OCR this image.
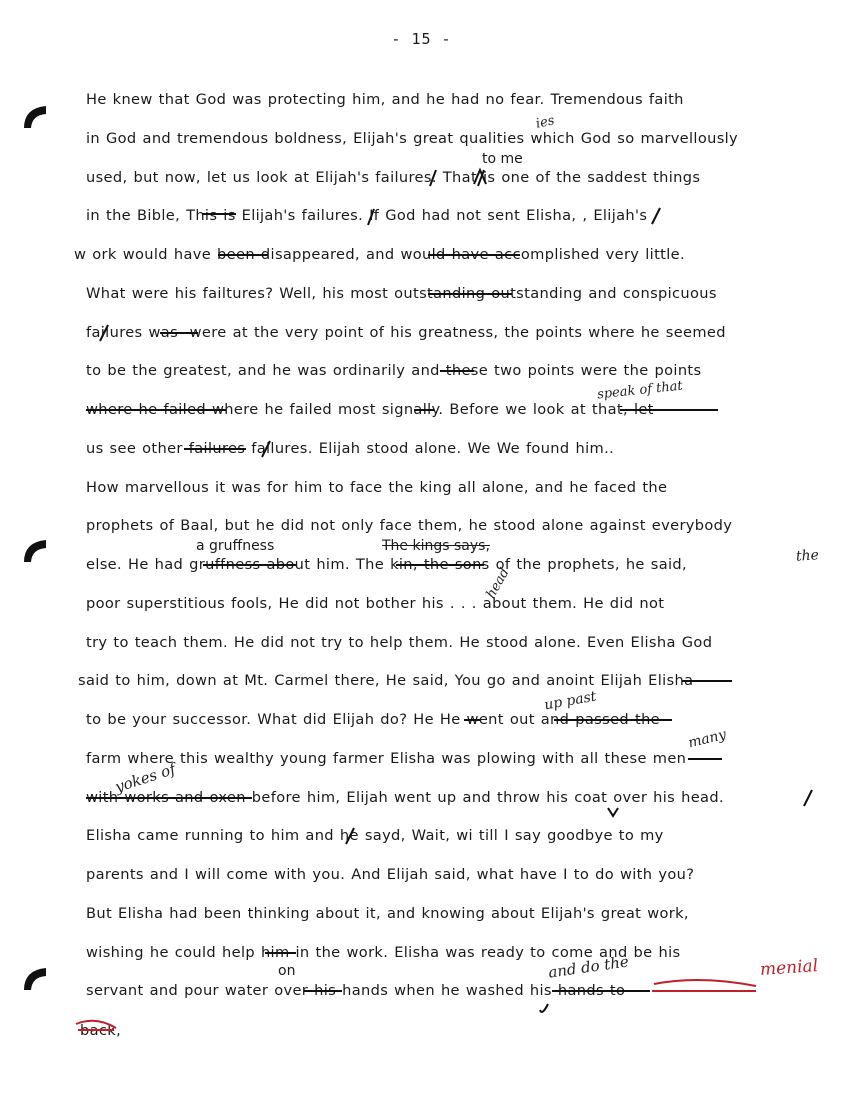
- 15 -
He knew that God was protecting him, and he had no fear. Tremendous faith
in God and tremendous boldness, Elijah's great qualities which God so marvellously
used, but now, let us look at Elijah's failures. That is one of the saddest things
in the Bible, This is Elijah's failures. If God had not sent Elisha, , Elijah's
w ork would have been disappeared, and would have accomplished very little.
What were his failtures? Well, his most outstanding outstanding and conspicuous
failures was- were at the very point of his greatness, the points where he seemed
to be the greatest, and he was ordinarily and these two points were the points
where he failed where he failed most signally. Before we look at that, let
us see other failures failures. Elijah stood alone. We We found him..
How marvellous it was for him to face the king all alone, and he faced the
prophets of Baal, but he did not only face them, he stood alone against everybody
else. He had gruffness about him. The kin, the sons of the prophets, he said,
poor superstitious fools, He did not bother his . . . about them. He did not
try to teach them. He did not try to help them. He stood alone. Even Elisha God
said to him, down at Mt. Carmel there, He said, You go and anoint Elijah Elisha
to be your successor. What did Elijah do? He He went out and passed the
farm where this wealthy young farmer Elisha was plowing with all these men
with works and oxen before him, Elijah went up and throw his coat over his head.
Elisha came running to him and he sayd, Wait, wi till I say goodbye to my
parents and I will come with you. And Elijah said, what have I to do with you?
But Elisha had been thinking about it, and knowing about Elijah's great work,
wishing he could help him in the work. Elisha was ready to come and be his
servant and pour water over his hands when he washed his hands to
back,
to me
a gruffness	The kings says,
on
ies
speak of that
the
head
up past
many
yokes of
and do the	menial
